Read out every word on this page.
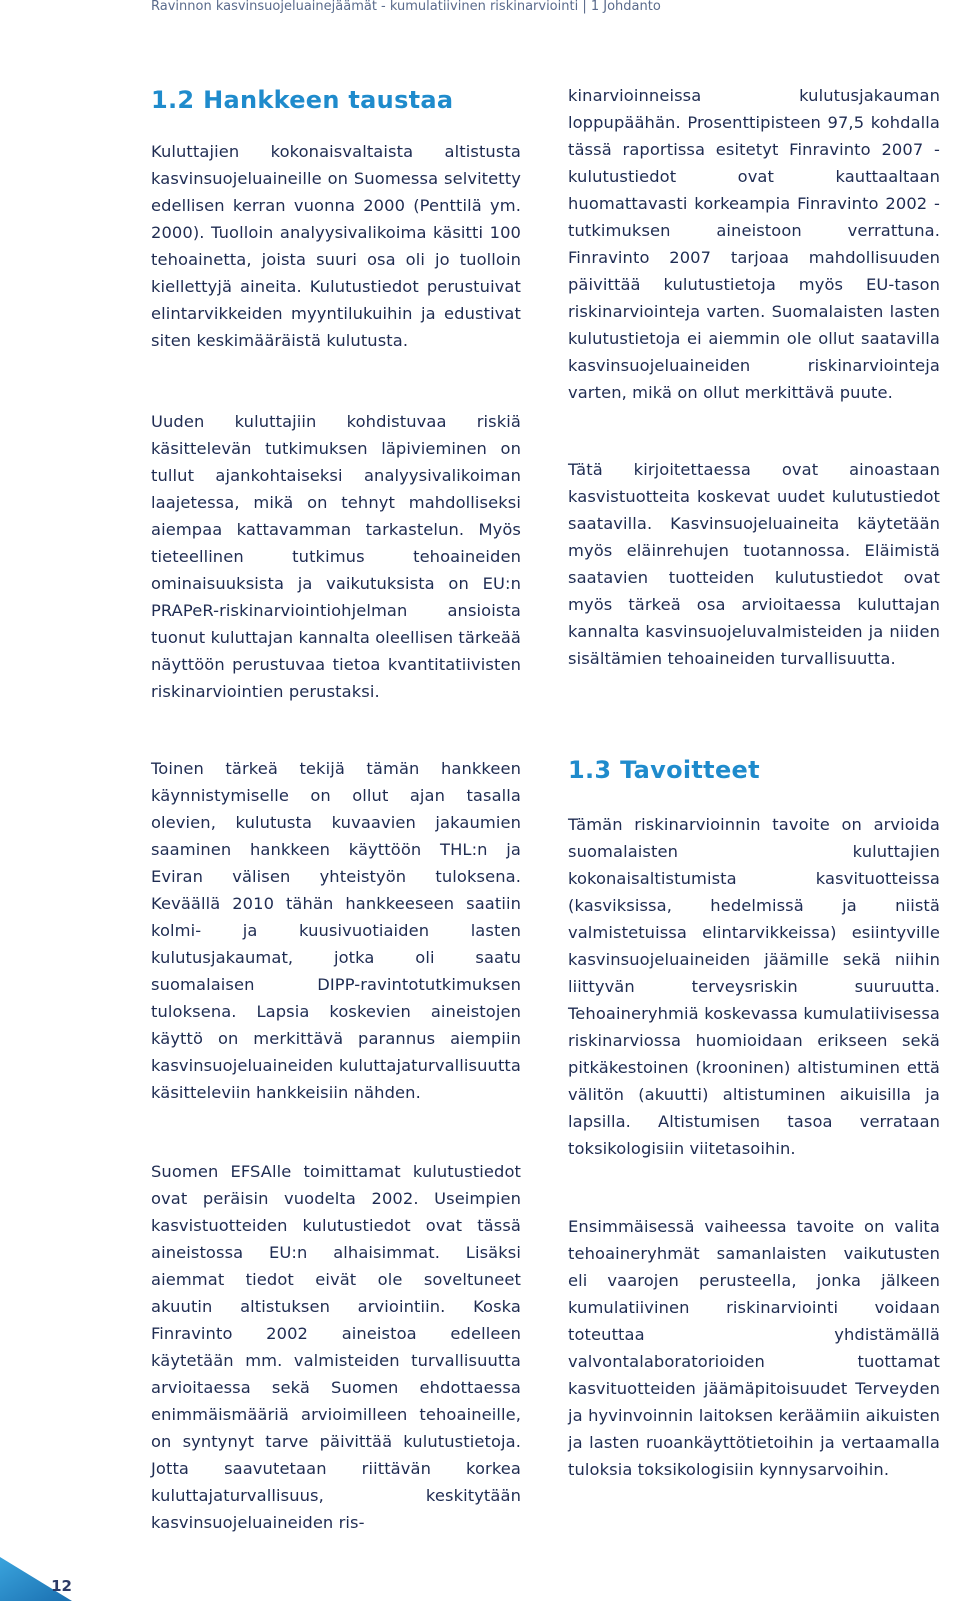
Ravinnon kasvinsuojeluainejäämät - kumulatiivinen riskinarviointi | 1 Johdanto
1.2 Hankkeen taustaa

Kuluttajien kokonaisvaltaista altistusta kasvinsuojeluaineille on Suomessa selvitetty edellisen kerran vuonna 2000 (Penttilä ym. 2000). Tuolloin analyysivalikoima käsitti 100 tehoainetta, joista suuri osa oli jo tuolloin kiellettyjä aineita. Kulutustiedot perustuivat elintarvikkeiden myyntilukuihin ja edustivat siten keskimääräistä kulutusta.

Uuden kuluttajiin kohdistuvaa riskiä käsittelevän tutkimuksen läpivieminen on tullut ajankohtaiseksi analyysivalikoiman laajetessa, mikä on tehnyt mahdolliseksi aiempaa kattavamman tarkastelun. Myös tieteellinen tutkimus tehoaineiden ominaisuuksista ja vaikutuksista on EU:n PRAPeR-riskinarviointiohjelman ansioista tuonut kuluttajan kannalta oleellisen tärkeää näyttöön perustuvaa tietoa kvantitatiivisten riskinarviointien perustaksi.

Toinen tärkeä tekijä tämän hankkeen käynnistymiselle on ollut ajan tasalla olevien, kulutusta kuvaavien jakaumien saaminen hankkeen käyttöön THL:n ja Eviran välisen yhteistyön tuloksena. Keväällä 2010 tähän hankkeeseen saatiin kolmi- ja kuusivuotiaiden lasten kulutusjakaumat, jotka oli saatu suomalaisen DIPP-ravintotutkimuksen tuloksena. Lapsia koskevien aineistojen käyttö on merkittävä parannus aiempiin kasvinsuojeluaineiden kuluttajaturvallisuutta käsitteleviin hankkeisiin nähden.

Suomen EFSAlle toimittamat kulutustiedot ovat peräisin vuodelta 2002. Useimpien kasvistuotteiden kulutustiedot ovat tässä aineistossa EU:n alhaisimmat. Lisäksi aiemmat tiedot eivät ole soveltuneet akuutin altistuksen arviointiin. Koska Finravinto 2002 aineistoa edelleen käytetään mm. valmisteiden turvallisuutta arvioitaessa sekä Suomen ehdottaessa enimmäismääriä arvioimilleen tehoaineille, on syntynyt tarve päivittää kulutustietoja. Jotta saavutetaan riittävän korkea kuluttajaturvallisuus, keskitytään kasvinsuojeluaineiden ris-

kinarvioinneissa kulutusjakauman loppupäähän. Prosenttipisteen 97,5 kohdalla tässä raportissa esitetyt Finravinto 2007 -kulutustiedot ovat kauttaaltaan huomattavasti korkeampia Finravinto 2002 -tutkimuksen aineistoon verrattuna. Finravinto 2007 tarjoaa mahdollisuuden päivittää kulutustietoja myös EU-tason riskinarviointeja varten. Suomalaisten lasten kulutustietoja ei aiemmin ole ollut saatavilla kasvinsuojeluaineiden riskinarviointeja varten, mikä on ollut merkittävä puute.

Tätä kirjoitettaessa ovat ainoastaan kasvistuotteita koskevat uudet kulutustiedot saatavilla. Kasvinsuojeluaineita käytetään myös eläinrehujen tuotannossa. Eläimistä saatavien tuotteiden kulutustiedot ovat myös tärkeä osa arvioitaessa kuluttajan kannalta kasvinsuojeluvalmisteiden ja niiden sisältämien tehoaineiden turvallisuutta.

1.3 Tavoitteet

Tämän riskinarvioinnin tavoite on arvioida suomalaisten kuluttajien kokonaisaltistumista kasvituotteissa (kasviksissa, hedelmissä ja niistä valmistetuissa elintarvikkeissa) esiintyville kasvinsuojeluaineiden jäämille sekä niihin liittyvän terveysriskin suuruutta. Tehoaineryhmiä koskevassa kumulatiivisessa riskinarviossa huomioidaan erikseen sekä pitkäkestoinen (krooninen) altistuminen että välitön (akuutti) altistuminen aikuisilla ja lapsilla. Altistumisen tasoa verrataan toksikologisiin viitetasoihin.

Ensimmäisessä vaiheessa tavoite on valita tehoaineryhmät samanlaisten vaikutusten eli vaarojen perusteella, jonka jälkeen kumulatiivinen riskinarviointi voidaan toteuttaa yhdistämällä valvontalaboratorioiden tuottamat kasvituotteiden jäämäpitoisuudet Terveyden ja hyvinvoinnin laitoksen keräämiin aikuisten ja lasten ruoankäyttötietoihin ja vertaamalla tuloksia toksikologisiin kynnysarvoihin.

12
